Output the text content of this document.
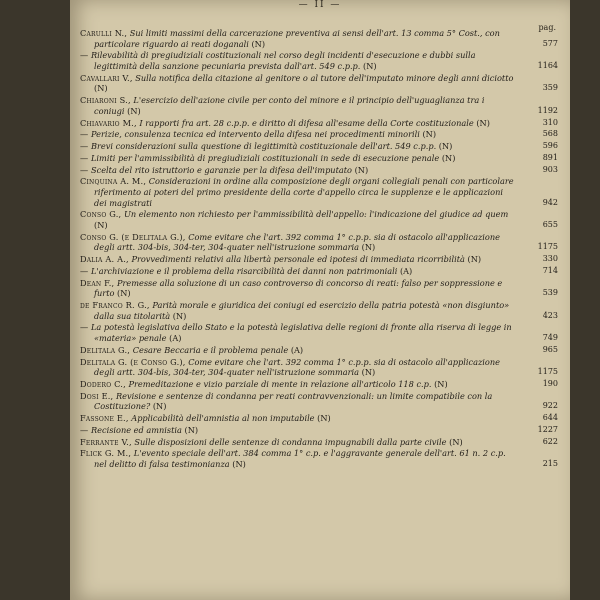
— II —
pag.
Carulli N., Sui limiti massimi della carcerazione preventiva ai sensi dell'art. 13 comma 5° Cost., con particolare riguardo ai reati doganali (N)	577
— Rilevabilità di pregiudiziali costituzionali nel corso degli incidenti d'esecuzione e dubbi sulla legittimità della sanzione pecuniaria prevista dall'art. 549 c.p.p. (N)	1164
Cavallari V., Sulla notifica della citazione al genitore o al tutore dell'imputato minore degli anni diciotto (N)	359
Chiaroni S., L'esercizio dell'azione civile per conto del minore e il principio dell'uguaglianza tra i coniugi (N)	1192
Chiavario M., I rapporti fra art. 28 c.p.p. e diritto di difesa all'esame della Corte costituzionale (N)	310
— Perizie, consulenza tecnica ed intervento della difesa nei procedimenti minorili (N)	568
— Brevi considerazioni sulla questione di legittimità costituzionale dell'art. 549 c.p.p. (N)	596
— Limiti per l'ammissibilità di pregiudiziali costituzionali in sede di esecuzione penale (N)	891
— Scelta del rito istruttorio e garanzie per la difesa dell'imputato (N)	903
Cinquina A. M., Considerazioni in ordine alla composizione degli organi collegiali penali con particolare riferimento ai poteri del primo presidente della corte d'appello circa le supplenze e le applicazioni dei magistrati	942
Conso G., Un elemento non richiesto per l'ammissibilità dell'appello: l'indicazione del giudice ad quem (N)	655
Conso G. (e Delitala G.), Come evitare che l'art. 392 comma 1° c.p.p. sia di ostacolo all'applicazione degli artt. 304-bis, 304-ter, 304-quater nell'istruzione sommaria (N)	1175
Dalia A. A., Provvedimenti relativi alla libertà personale ed ipotesi di immediata ricorribilità (N)	330
— L'archiviazione e il problema della risarcibilità dei danni non patrimoniali (A)	714
Dean F., Premesse alla soluzione di un caso controverso di concorso di reati: falso per soppressione e furto (N)	539
de Franco R. G., Parità morale e giuridica dei coniugi ed esercizio della patria potestà «non disgiunto» dalla sua titolarità (N)	423
— La potestà legislativa dello Stato e la potestà legislativa delle regioni di fronte alla riserva di legge in «materia» penale (A)	749
Delitala G., Cesare Beccaria e il problema penale (A)	965
Delitala G. (e Conso G.), Come evitare che l'art. 392 comma 1° c.p.p. sia di ostacolo all'applicazione degli artt. 304-bis, 304-ter, 304-quater nell'istruzione sommaria (N)	1175
Dodero C., Premeditazione e vizio parziale di mente in relazione all'articolo 118 c.p. (N)	190
Dosi E., Revisione e sentenze di condanna per reati contravvenzionali: un limite compatibile con la Costituzione? (N)	922
Fassone E., Applicabilità dell'amnistia al non imputabile (N)	644
— Recisione ed amnistia (N)	1227
Ferrante V., Sulle disposizioni delle sentenze di condanna impugnabili dalla parte civile (N)	622
Flick G. M., L'evento speciale dell'art. 384 comma 1° c.p. e l'aggravante generale dell'art. 61 n. 2 c.p. nel delitto di falsa testimonianza (N)	215
